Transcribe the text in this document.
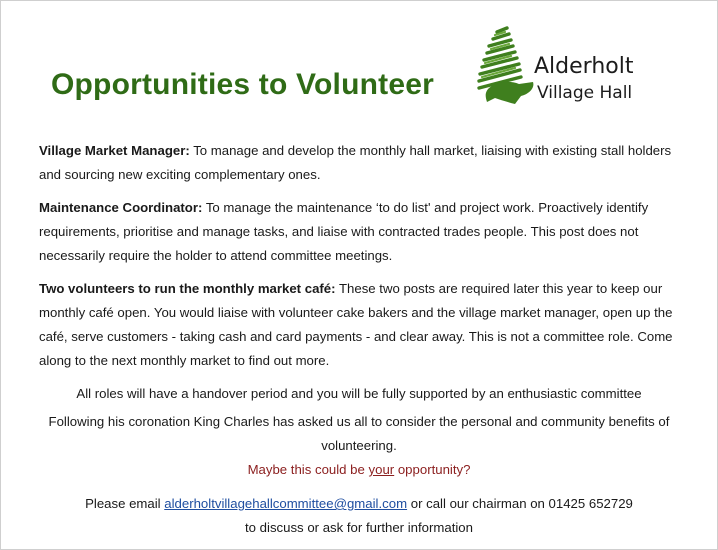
Opportunities to Volunteer
Alderholt
Village Hall

Village Market Manager: To manage and develop the monthly hall market, liaising with existing stall holders and sourcing new exciting complementary ones.

Maintenance Coordinator: To manage the maintenance ‘to do list' and project work. Proactively identify requirements, prioritise and manage tasks, and liaise with contracted trades people. This post does not necessarily require the holder to attend committee meetings.

Two volunteers to run the monthly market café: These two posts are required later this year to keep our monthly café open. You would liaise with volunteer cake bakers and the village market manager, open up the café, serve customers - taking cash and card payments - and clear away. This is not a committee role. Come along to the next monthly market to find out more.

All roles will have a handover period and you will be fully supported by an enthusiastic committee
Following his coronation King Charles has asked us all to consider the personal and community benefits of volunteering.
Maybe this could be your opportunity?
Please email alderholtvillagehallcommittee@gmail.com or call our chairman on 01425 652729
to discuss or ask for further information
